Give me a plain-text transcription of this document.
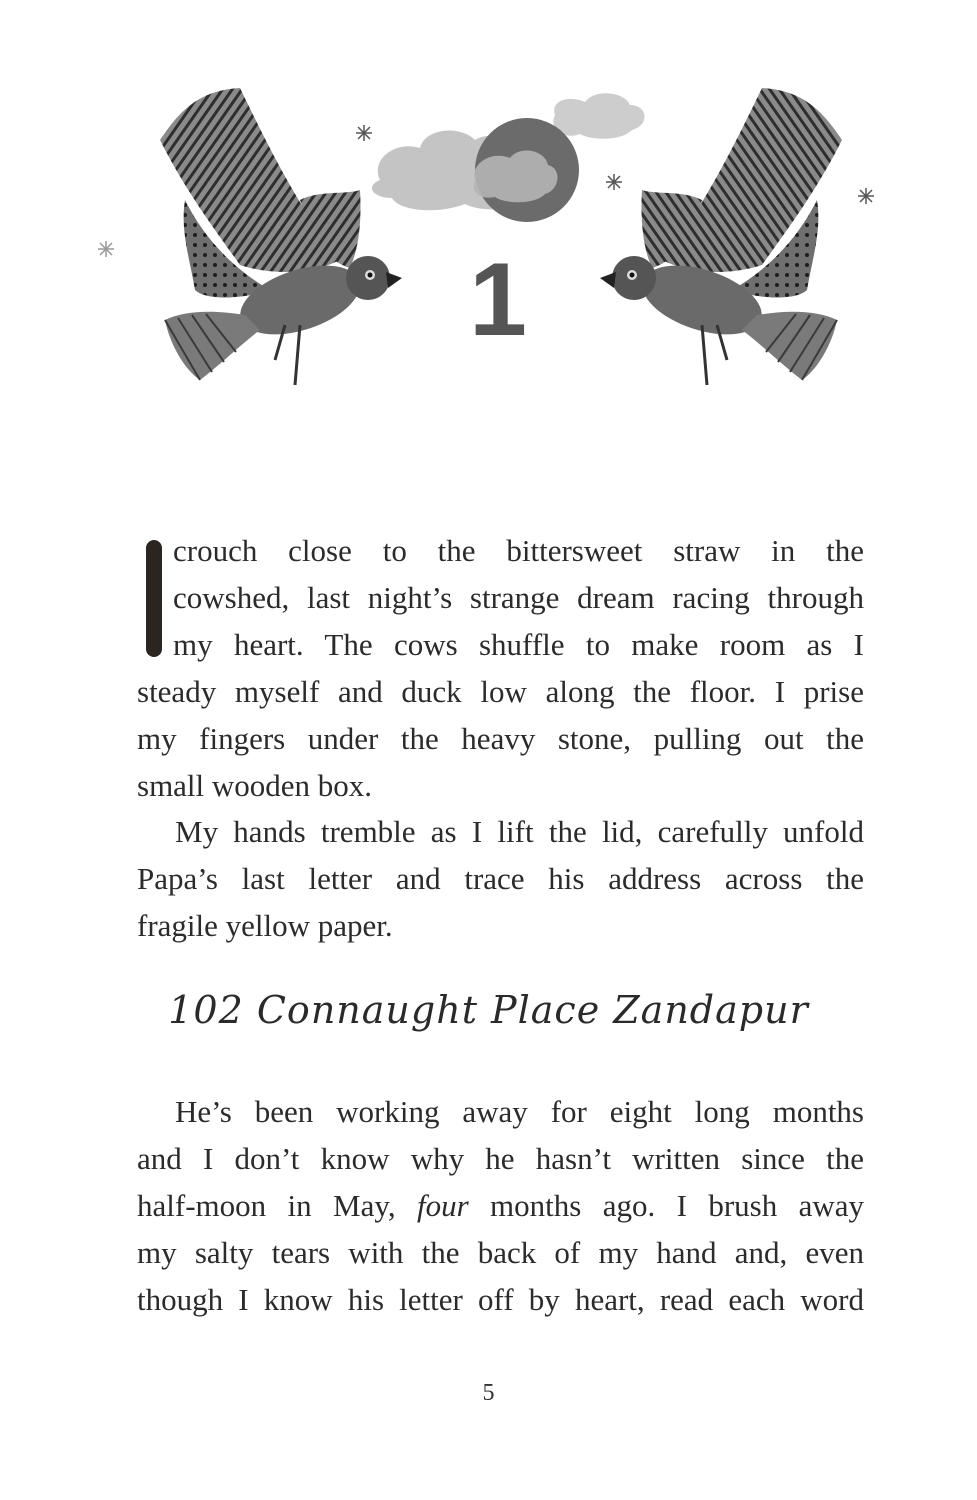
1
crouch close to the bittersweet straw in the
cowshed, last night’s strange dream racing through
my heart. The cows shuffle to make room as I
steady myself and duck low along the floor. I prise
my fingers under the heavy stone, pulling out the
small wooden box.
My hands tremble as I lift the lid, carefully unfold
Papa’s last letter and trace his address across the
fragile yellow paper.
102 Connaught Place Zandapur
He’s been working away for eight long months
and I don’t know why he hasn’t written since the
half-moon in May, four months ago. I brush away
my salty tears with the back of my hand and, even
though I know his letter off by heart, read each word
5
